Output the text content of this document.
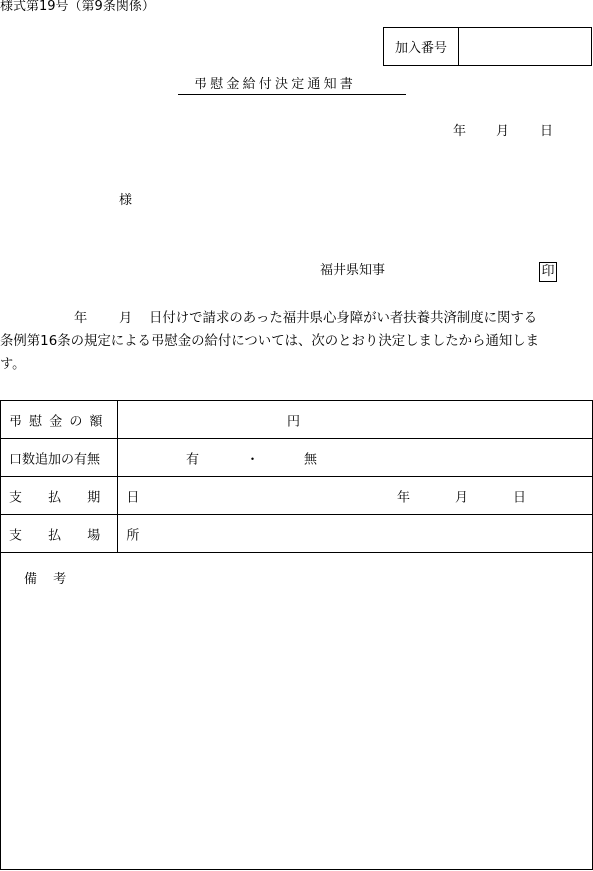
様式第19号（第9条関係）
加入番号	
弔慰金給付決定通知書
年 月 日
様
福井県知事	印
年 月 日付けで請求のあった福井県心身障がい者扶養共済制度に関する
条例第16条の規定による弔慰金の給付については、次のとおり決定しましたから通知しま
す。
弔 慰 金 の 額	円
口数追加の有無	有	・	無
支 払 期 日	年	月	日
支 払 場 所
備 考
